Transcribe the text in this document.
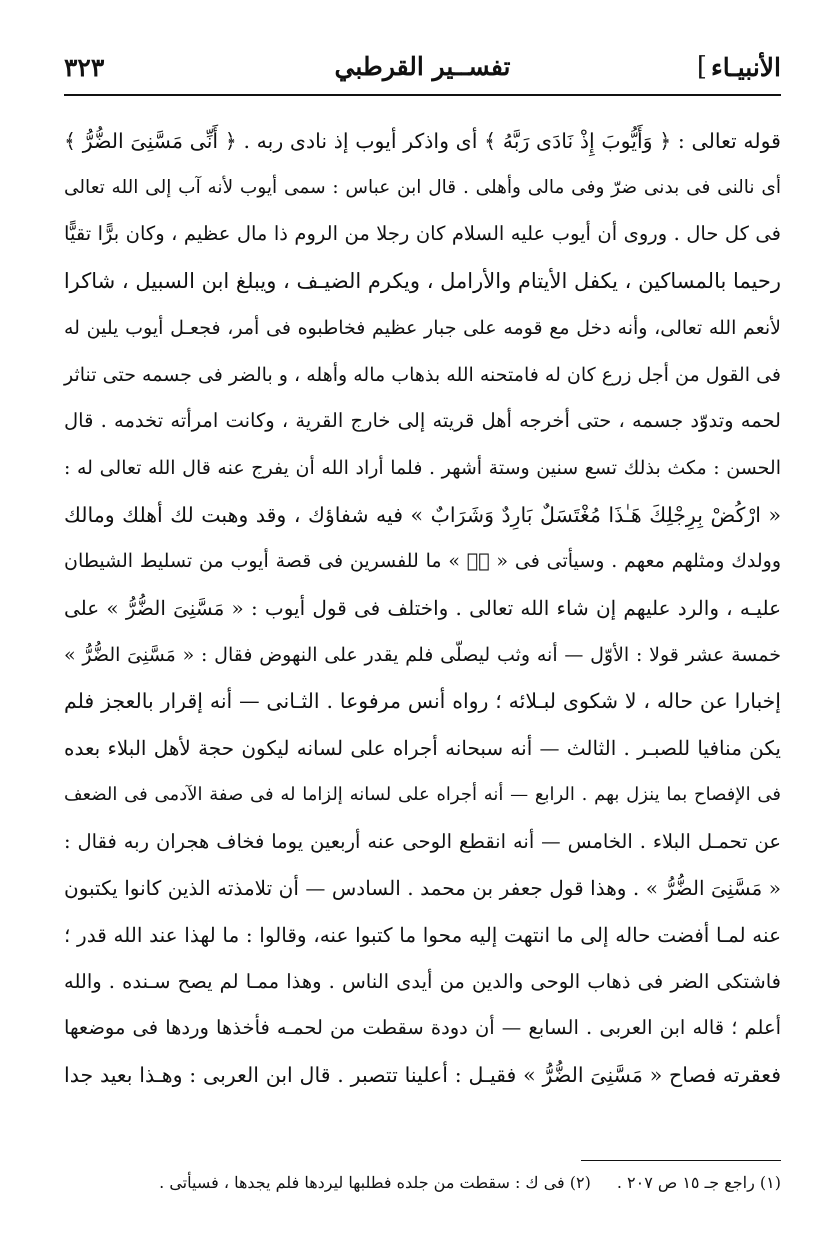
الأنبيـاء
]
تفســير القرطبي
٣٢٣
قوله تعالى : ﴿ وَأَيُّوبَ إِذْ نَادَى رَبَّهُ ﴾ أى واذكر أيوب إذ نادى ربه . ﴿ أَنِّى مَسَّنِىَ الضُّرُّ ﴾
أى نالنى فى بدنى ضرّ وفى مالى وأهلى . قال ابن عباس : سمى أيوب لأنه آب إلى الله تعالى
فى كل حال . وروى أن أيوب عليه السلام كان رجلا من الروم ذا مال عظيم ، وكان برًّا تقيًّا
رحيما بالمساكين ، يكفل الأيتام والأرامل ، ويكرم الضيـف ، ويبلغ ابن السبيل ، شاكرا
لأنعم الله تعالى، وأنه دخل مع قومه على جبار عظيم فخاطبوه فى أمر، فجعـل أيوب يلين له
فى القول من أجل زرع كان له فامتحنه الله بذهاب ماله وأهله ، و بالضر فى جسمه حتى تناثر
لحمه وتدوّد جسمه ، حتى أخرجه أهل قريته إلى خارج القرية ، وكانت امرأته تخدمه . قال
الحسن : مكث بذلك تسع سنين وستة أشهر . فلما أراد الله أن يفرج عنه قال الله تعالى له :
« ارْكُضْ بِرِجْلِكَ هَـٰذَا مُغْتَسَلٌ بَارِدٌ وَشَرَابٌ » فيه شفاؤك ، وقد وهبت لك أهلك ومالك
وولدك ومثلهم معهم . وسيأتى فى « صۤ » ما للفسرين فى قصة أيوب من تسليط الشيطان
عليـه ، والرد عليهم إن شاء الله تعالى . واختلف فى قول أيوب : « مَسَّنِىَ الضُّرُّ » على
خمسة عشر قولا : الأوّل — أنه وثب ليصلّى فلم يقدر على النهوض فقال : « مَسَّنِىَ الضُّرُّ »
إخبارا عن حاله ، لا شكوى لبـلائه ؛ رواه أنس مرفوعا . الثـانى — أنه إقرار بالعجز فلم
يكن منافيا للصبـر . الثالث — أنه سبحانه أجراه على لسانه ليكون حجة لأهل البلاء بعده
فى الإفصاح بما ينزل بهم . الرابع — أنه أجراه على لسانه إلزاما له فى صفة الآدمى فى الضعف
عن تحمـل البلاء . الخامس — أنه انقطع الوحى عنه أربعين يوما فخاف هجران ربه فقال :
« مَسَّنِىَ الضُّرُّ » . وهذا قول جعفر بن محمد . السادس — أن تلامذته الذين كانوا يكتبون
عنه لمـا أفضت حاله إلى ما انتهت إليه محوا ما كتبوا عنه، وقالوا : ما لهذا عند الله قدر ؛
فاشتكى الضر فى ذهاب الوحى والدين من أيدى الناس . وهذا ممـا لم يصح سـنده . والله
أعلم ؛ قاله ابن العربى . السابع — أن دودة سقطت من لحمـه فأخذها وردها فى موضعها
فعقرته فصاح « مَسَّنِىَ الضُّرُّ » فقيـل : أعلينا تتصبر . قال ابن العربى : وهـذا بعيد جدا
(١) راجع جـ ١٥ ص ٢٠٧ .
(٢) فى ك : سقطت من جلده فطلبها ليردها فلم يجدها ، فسيأتى .
